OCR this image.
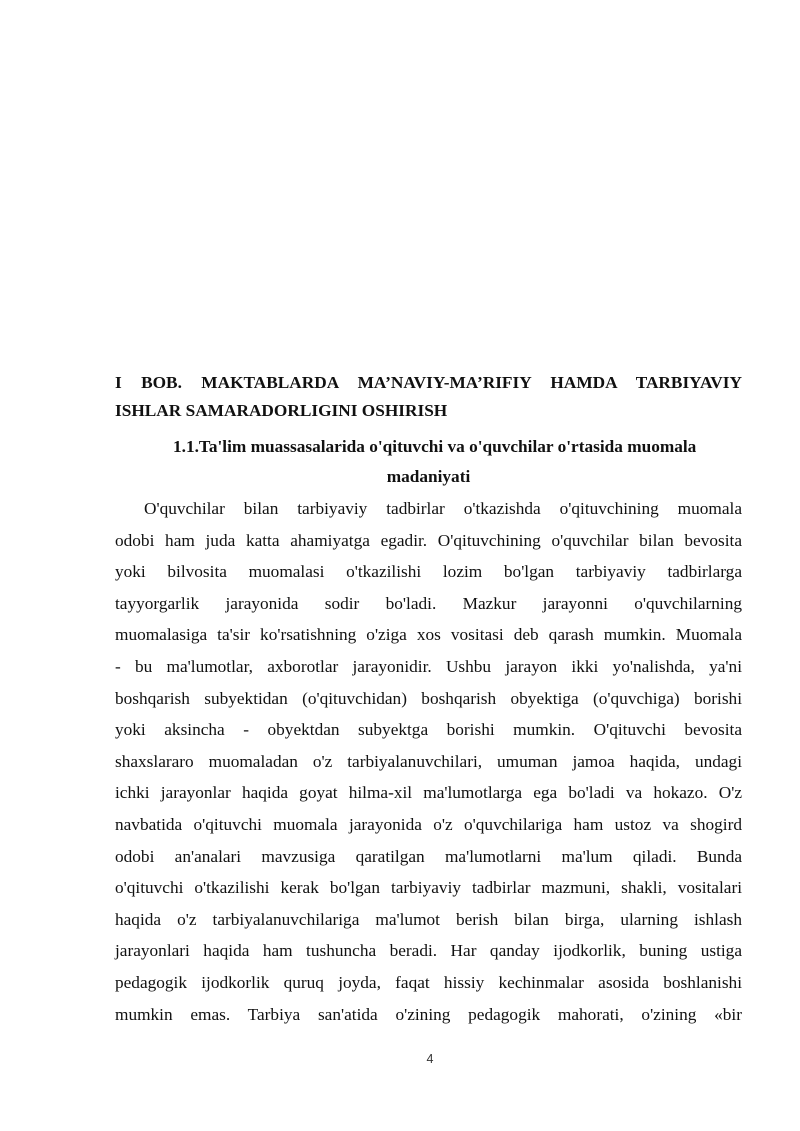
I BOB. MAKTABLARDA MA’NAVIY-MA’RIFIY HAMDA TARBIYAVIY
ISHLAR SAMARADORLIGINI OSHIRISH
1.1.Ta'lim muassasalarida o'qituvchi va o'quvchilar o'rtasida muomala
madaniyati

O'quvchilar bilan tarbiyaviy tadbirlar o'tkazishda o'qituvchining muomala
odobi ham juda katta ahamiyatga egadir. O'qituvchining o'quvchilar bilan bevosita
yoki bilvosita muomalasi o'tkazilishi lozim bo'lgan tarbiyaviy tadbirlarga
tayyorgarlik jarayonida sodir bo'ladi. Mazkur jarayonni o'quvchilarning
muomalasiga ta'sir ko'rsatishning o'ziga xos vositasi deb qarash mumkin. Muomala
- bu ma'lumotlar, axborotlar jarayonidir. Ushbu jarayon ikki yo'nalishda, ya'ni
boshqarish subyektidan (o'qituvchidan) boshqarish obyektiga (o'quvchiga) borishi
yoki aksincha - obyektdan subyektga borishi mumkin. O'qituvchi bevosita
shaxslararo muomaladan o'z tarbiyalanuvchilari, umuman jamoa haqida, undagi
ichki jarayonlar haqida goyat hilma-xil ma'lumotlarga ega bo'ladi va hokazo. O'z
navbatida o'qituvchi muomala jarayonida o'z o'quvchilariga ham ustoz va shogird
odobi an'analari mavzusiga qaratilgan ma'lumotlarni ma'lum qiladi. Bunda
o'qituvchi o'tkazilishi kerak bo'lgan tarbiyaviy tadbirlar mazmuni, shakli, vositalari
haqida o'z tarbiyalanuvchilariga ma'lumot berish bilan birga, ularning ishlash
jarayonlari haqida ham tushuncha beradi. Har qanday ijodkorlik, buning ustiga
pedagogik ijodkorlik quruq joyda, faqat hissiy kechinmalar asosida boshlanishi
mumkin emas. Tarbiya san'atida o'zining pedagogik mahorati, o'zining «bir

4
